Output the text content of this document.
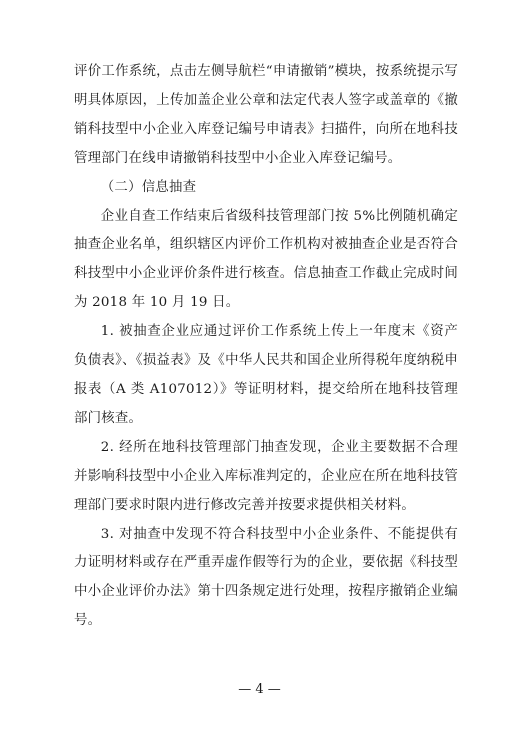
评价工作系统，点击左侧导航栏“申请撤销”模块，按系统提示写明具体原因，上传加盖企业公章和法定代表人签字或盖章的《撤销科技型中小企业入库登记编号申请表》扫描件，向所在地科技管理部门在线申请撤销科技型中小企业入库登记编号。

（二）信息抽查

企业自查工作结束后省级科技管理部门按 5%比例随机确定抽查企业名单，组织辖区内评价工作机构对被抽查企业是否符合科技型中小企业评价条件进行核查。信息抽查工作截止完成时间为 2018 年 10 月 19 日。

1. 被抽查企业应通过评价工作系统上传上一年度末《资产负债表》、《损益表》及《中华人民共和国企业所得税年度纳税申报表（A 类 A107012）》等证明材料，提交给所在地科技管理部门核查。

2. 经所在地科技管理部门抽查发现，企业主要数据不合理并影响科技型中小企业入库标准判定的，企业应在所在地科技管理部门要求时限内进行修改完善并按要求提供相关材料。

3. 对抽查中发现不符合科技型中小企业条件、不能提供有力证明材料或存在严重弄虚作假等行为的企业，要依据《科技型中小企业评价办法》第十四条规定进行处理，按程序撤销企业编号。

— 4 —
